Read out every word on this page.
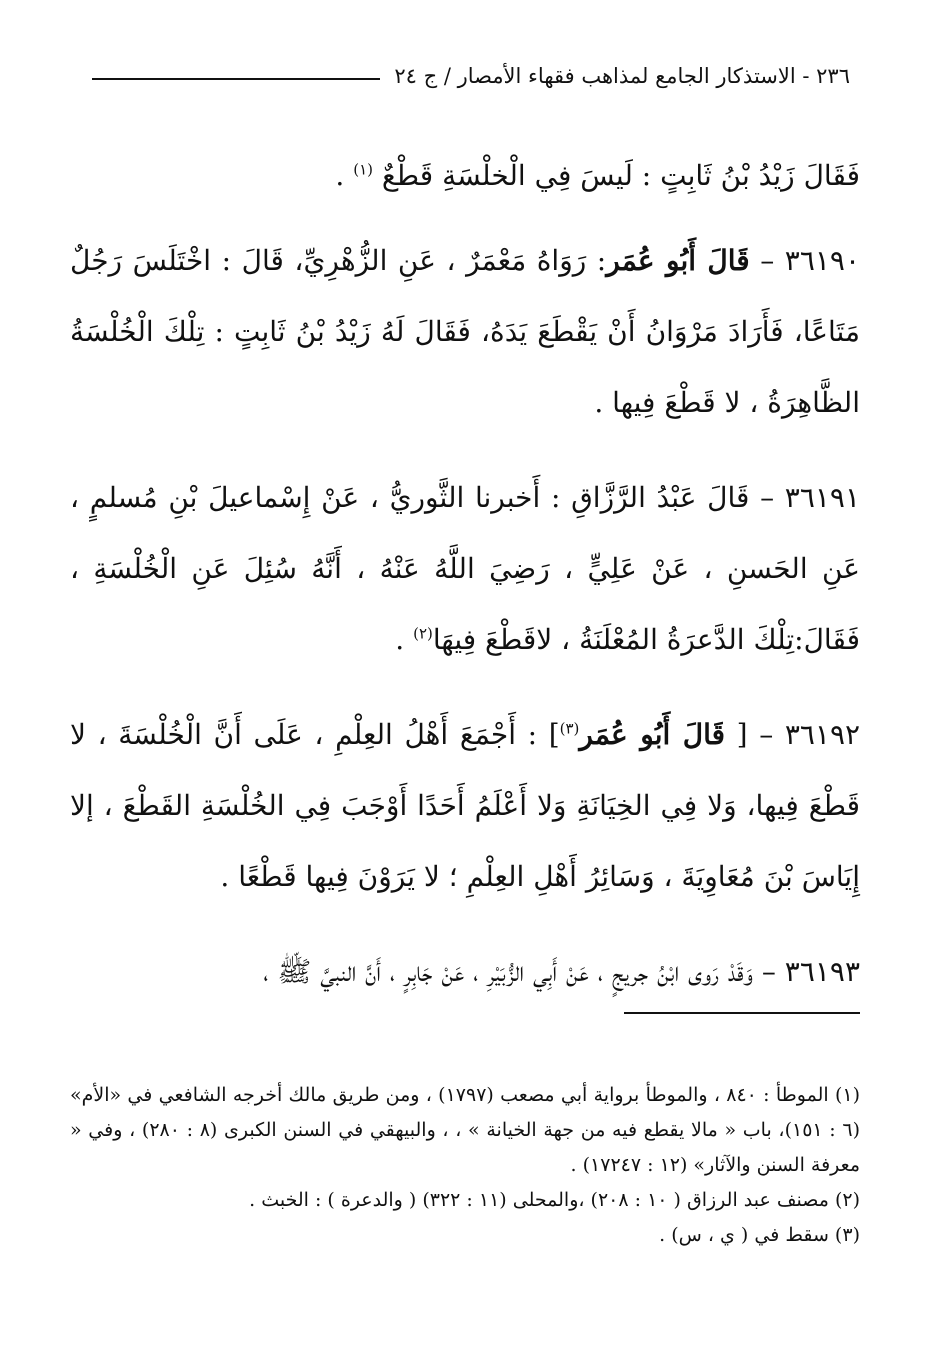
٢٣٦ - الاستذكار الجامع لمذاهب فقهاء الأمصار / ج ٢٤

فَقَالَ زَيْدُ بْنُ ثَابِتٍ : لَيسَ فِي الْخلْسَةِ قَطْعٌ $^{(١)}$ .

٣٦١٩٠ – قَالَ أَبُو عُمَر: رَوَاهُ مَعْمَرٌ ، عَنِ الزُّهْرِيِّ، قَالَ : اخْتَلَسَ رَجُلٌ مَتَاعًا، فَأَرَادَ مَرْوَانُ أَنْ يَقْطَعَ يَدَهُ، فَقَالَ لَهُ زَيْدُ بْنُ ثَابِتٍ : تِلْكَ الْخُلْسَةُ الظَّاهِرَةُ ، لا قَطْعَ فِيها .

٣٦١٩١ – قَالَ عَبْدُ الرَّزَّاقِ : أَخبرنا الثَّوريُّ ، عَنْ إِسْماعيلَ بْنِ مُسلمٍ ، عَنِ الحَسنِ ، عَنْ عَلِيٍّ ، رَضِيَ اللَّهُ عَنْهُ ، أَنَّهُ سُئِلَ عَنِ الْخُلْسَةِ ، فَقَالَ:تِلْكَ الدَّعرَةُ المُعْلَنَةُ ، لاقَطْعَ فِيهَا$^{(٢)}$ .

٣٦١٩٢ – [ قَالَ أَبُو عُمَر$^{(٣)}$] : أَجْمَعَ أَهْلُ العِلْمِ ، عَلَى أَنَّ الْخُلْسَةَ ، لا قَطْعَ فِيها، وَلا فِي الخِيَانَةِ وَلا أَعْلَمُ أَحَدًا أَوْجَبَ فِي الخُلْسَةِ القَطْعَ ، إلا إِيَاسَ بْنَ مُعَاوِيَةَ ، وَسَائِرُ أَهْلِ العِلْمِ ؛ لا يَرَوْنَ فِيها قَطْعًا .

٣٦١٩٣ – وَقَدْ رَوى ابْنُ جريجٍ ، عَنْ أَبِي الزُّبَيْرِ ، عَنْ جَابِرٍ ، أَنَّ النبيَّ ﷺ ،

(١) الموطأ : ٨٤٠ ، والموطأ برواية أبي مصعب (١٧٩٧) ، ومن طريق مالك أخرجه الشافعي في «الأم» (٦ : ١٥١)، باب « مالا يقطع فيه من جهة الخيانة » ، ، والبيهقي في السنن الكبرى (٨ : ٢٨٠) ، وفي « معرفة السنن والآثار» (١٢ : ١٧٢٤٧) .

(٢) مصنف عبد الرزاق ( ١٠ : ٢٠٨) ،والمحلى (١١ : ٣٢٢) ( والدعرة ) : الخبث .

(٣) سقط في ( ي ، س) .
